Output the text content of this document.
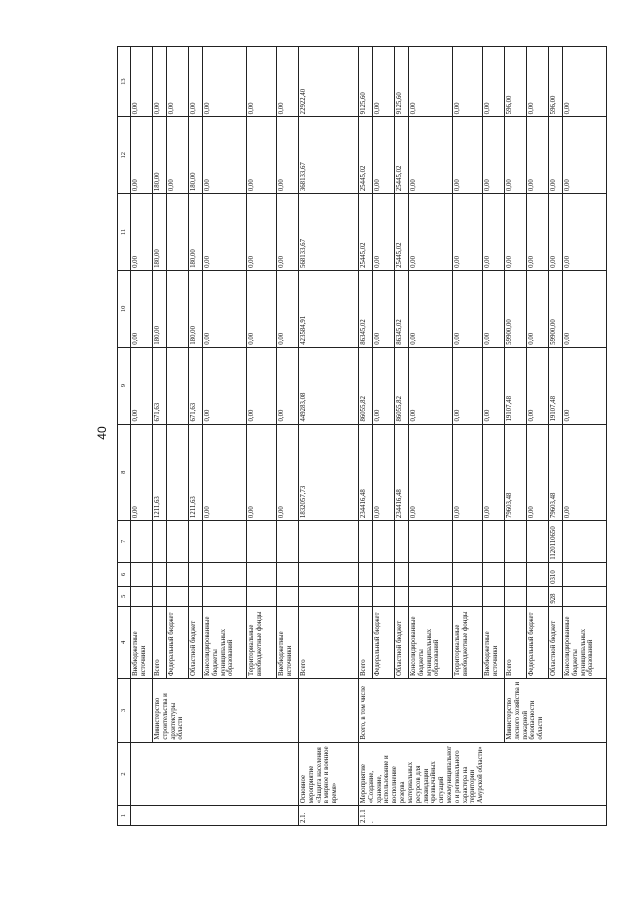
40
1	2	3	4	5	6	7	8	9	10	11	12	13
			Внебюджетные источники				0,00	0,00	0,00	0,00	0,00	0,00
		Министерство строительства и архитектуры области	Всего				1211,63	671,63	180,00	180,00	180,00	0,00
			Федеральный бюджет								0,00	0,00
			Областной бюджет				1211,63	671,63	180,00	180,00	180,00	0,00
			Консолидированные бюджеты муниципальных образований				0,00	0,00	0,00	0,00	0,00	0,00
			Территориальные внебюджетные фонды				0,00	0,00	0,00	0,00	0,00	0,00
			Внебюджетные источники				0,00	0,00	0,00	0,00	0,00	0,00
2.1.	Основное мероприятие «Защита населения в мирное и военное время»		Всего				1832057,73	449283,08	423584,91	568133,67	368133,67	22922,40
2.1.1.	Мероприятие «Создание, хранение, использование и восполнение резерва материальных ресурсов для ликвидации чрезвычайных ситуаций межмуниципального и регионального характера на территории Амурской области»	Всего, в том числе	Всего				234416,48	86055,82	86345,02	25445,02	25445,02	9125,60
			Федеральный бюджет				0,00	0,00	0,00	0,00	0,00	0,00
			Областной бюджет				234416,48	86055,82	86345,02	25445,02	25445,02	9125,60
			Консолидированные бюджеты муниципальных образований				0,00	0,00	0,00	0,00	0,00	0,00
			Территориальные внебюджетные фонды				0,00	0,00	0,00	0,00	0,00	0,00
			Внебюджетные источники				0,00	0,00	0,00	0,00	0,00	0,00
		Министерство лесного хозяйства и пожарной безопасности области	Всего				79603,48	19107,48	59900,00	0,00	0,00	596,00
			Федеральный бюджет				0,00	0,00	0,00	0,00	0,00	0,00
			Областной бюджет	928	0310	1120110650	79603,48	19107,48	59900,00	0,00	0,00	596,00
			Консолидированные бюджеты муниципальных образований				0,00	0,00	0,00	0,00	0,00	0,00
